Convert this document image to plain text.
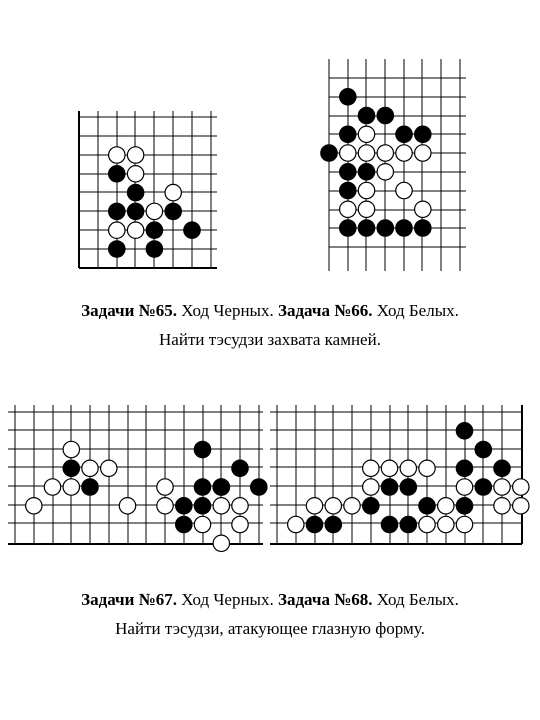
Задачи №65. Ход Черных. Задача №66. Ход Белых.
Найти тэсудзи захвата камней.
Задачи №67. Ход Черных. Задача №68. Ход Белых.
Найти тэсудзи, атакующее глазную форму.
